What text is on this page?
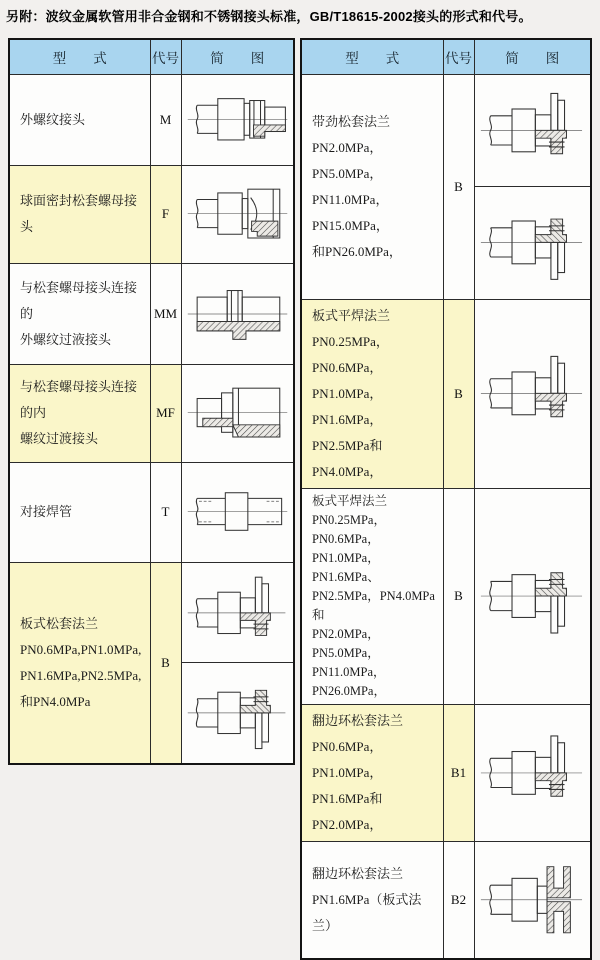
另附：波纹金属软管用非合金钢和不锈钢接头标准，GB/T18615-2002接头的形式和代号。
型　　式	代号	简　　图

外螺纹接头	M	

球面密封松套螺母接头	F	

与松套螺母接头连接的
外螺纹过液接头	MM	

与松套螺母接头连接的内
螺纹过渡接头	MF	

对接焊管	T	

板式松套法兰
PN0.6MPa,PN1.0MPa,
PN1.6MPa,PN2.5MPa,
和PN4.0MPa	B	
型　　式	代号	简　　图

带劲松套法兰
PN2.0MPa，PN5.0MPa，
PN11.0MPa，PN15.0MPa，
和PN26.0MPa，	B	

板式平焊法兰
PN0.25MPa，PN0.6MPa，
PN1.0MPa，PN1.6MPa，
PN2.5MPa和PN4.0MPa，	B	

板式平焊法兰
PN0.25MPa，PN0.6MPa，
PN1.0MPa，PN1.6MPa、
PN2.5MPa，PN4.0MPa和
PN2.0MPa，PN5.0MPa，
PN11.0MPa，PN26.0MPa，
	B	

翻边环松套法兰
PN0.6MPa，PN1.0MPa，
PN1.6MPa和PN2.0MPa，	B1	

翻边环松套法兰
PN1.6MPa（板式法兰）	B2	
